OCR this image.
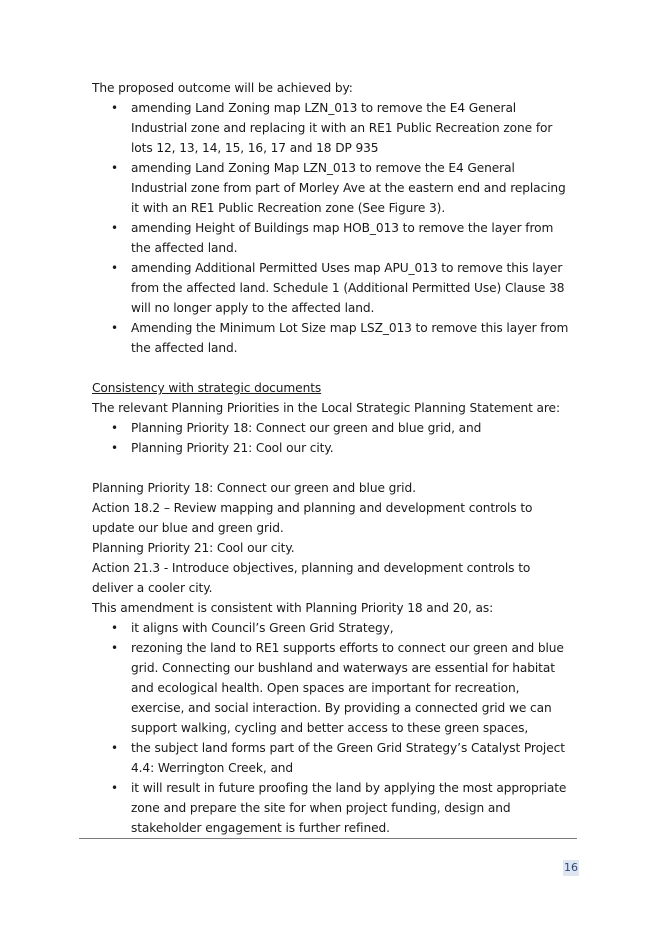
The proposed outcome will be achieved by:

• amending Land Zoning map LZN_013 to remove the E4 General Industrial zone and replacing it with an RE1 Public Recreation zone for lots 12, 13, 14, 15, 16, 17 and 18 DP 935
• amending Land Zoning Map LZN_013 to remove the E4 General Industrial zone from part of Morley Ave at the eastern end and replacing it with an RE1 Public Recreation zone (See Figure 3).
• amending Height of Buildings map HOB_013 to remove the layer from the affected land.
• amending Additional Permitted Uses map APU_013 to remove this layer from the affected land. Schedule 1 (Additional Permitted Use) Clause 38 will no longer apply to the affected land.
• Amending the Minimum Lot Size map LSZ_013 to remove this layer from the affected land.

Consistency with strategic documents

The relevant Planning Priorities in the Local Strategic Planning Statement are:

• Planning Priority 18: Connect our green and blue grid, and
• Planning Priority 21: Cool our city.

Planning Priority 18: Connect our green and blue grid.

Action 18.2 – Review mapping and planning and development controls to update our blue and green grid.

Planning Priority 21: Cool our city.

Action 21.3 - Introduce objectives, planning and development controls to deliver a cooler city.

This amendment is consistent with Planning Priority 18 and 20, as:

• it aligns with Council’s Green Grid Strategy,
• rezoning the land to RE1 supports efforts to connect our green and blue grid. Connecting our bushland and waterways are essential for habitat and ecological health. Open spaces are important for recreation, exercise, and social interaction. By providing a connected grid we can support walking, cycling and better access to these green spaces,
• the subject land forms part of the Green Grid Strategy’s Catalyst Project 4.4: Werrington Creek, and
• it will result in future proofing the land by applying the most appropriate zone and prepare the site for when project funding, design and stakeholder engagement is further refined.
16
